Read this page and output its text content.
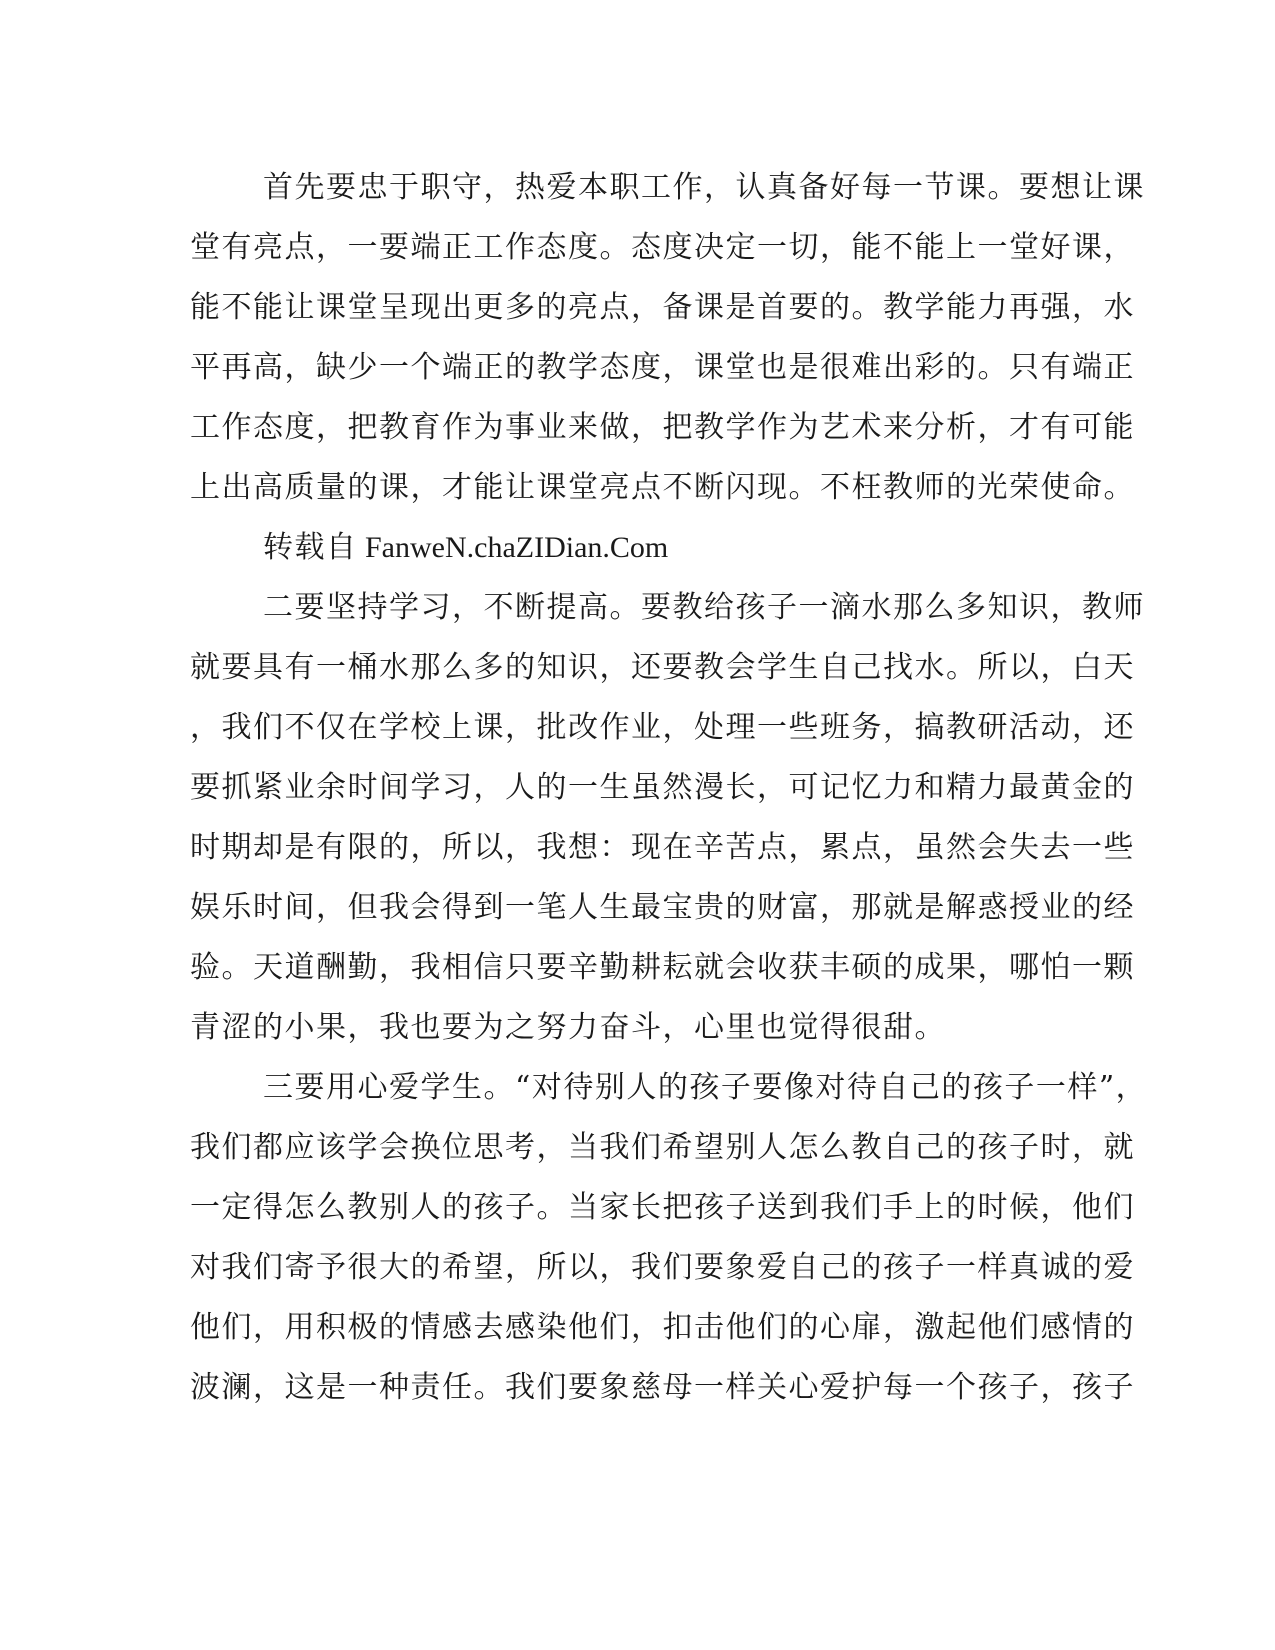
首先要忠于职守，热爱本职工作，认真备好每一节课。要想让课
堂有亮点，一要端正工作态度。态度决定一切，能不能上一堂好课，
能不能让课堂呈现出更多的亮点，备课是首要的。教学能力再强，水
平再高，缺少一个端正的教学态度，课堂也是很难出彩的。只有端正
工作态度，把教育作为事业来做，把教学作为艺术来分析，才有可能
上出高质量的课，才能让课堂亮点不断闪现。不枉教师的光荣使命。
转载自 FanweN.chaZIDian.Com
二要坚持学习，不断提高。要教给孩子一滴水那么多知识，教师
就要具有一桶水那么多的知识，还要教会学生自己找水。所以，白天
，我们不仅在学校上课，批改作业，处理一些班务，搞教研活动，还
要抓紧业余时间学习，人的一生虽然漫长，可记忆力和精力最黄金的
时期却是有限的，所以，我想：现在辛苦点，累点，虽然会失去一些
娱乐时间，但我会得到一笔人生最宝贵的财富，那就是解惑授业的经
验。天道酬勤，我相信只要辛勤耕耘就会收获丰硕的成果，哪怕一颗
青涩的小果，我也要为之努力奋斗，心里也觉得很甜。
三要用心爱学生。“对待别人的孩子要像对待自己的孩子一样”，
我们都应该学会换位思考，当我们希望别人怎么教自己的孩子时，就
一定得怎么教别人的孩子。当家长把孩子送到我们手上的时候，他们
对我们寄予很大的希望，所以，我们要象爱自己的孩子一样真诚的爱
他们，用积极的情感去感染他们，扣击他们的心扉，激起他们感情的
波澜，这是一种责任。我们要象慈母一样关心爱护每一个孩子，孩子
